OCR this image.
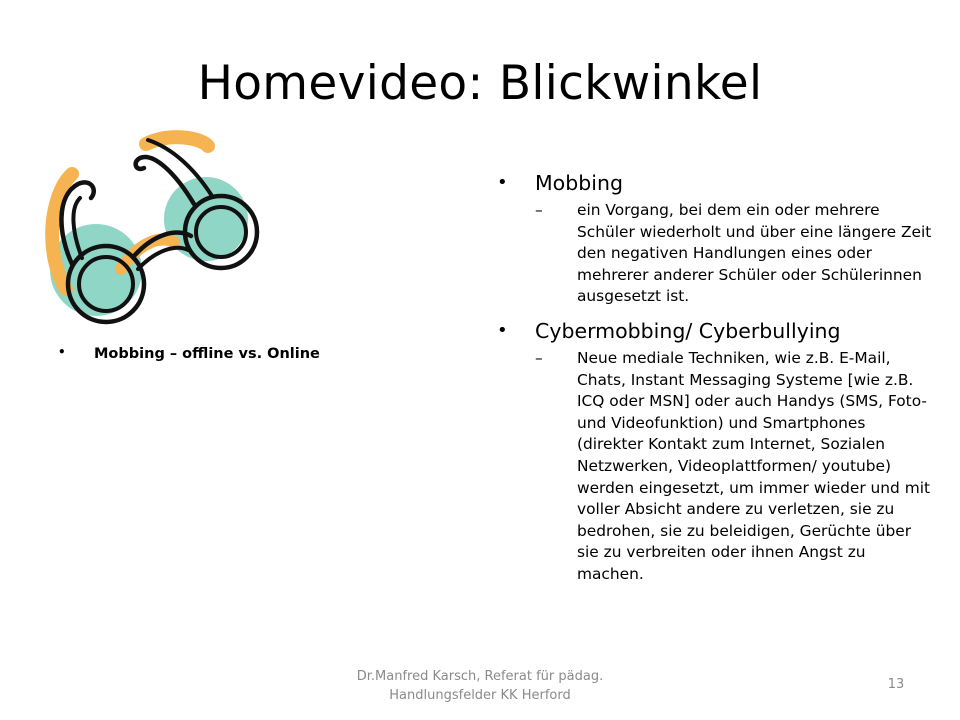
Homevideo: Blickwinkel
• Mobbing – offline vs. Online
• Mobbing
– ein Vorgang, bei dem ein oder mehrere Schüler wiederholt und über eine längere Zeit den negativen Handlungen eines oder mehrerer anderer Schüler oder Schülerinnen ausgesetzt ist.
• Cybermobbing/ Cyberbullying
– Neue mediale Techniken, wie z.B. E-Mail, Chats, Instant Messaging Systeme [wie z.B. ICQ oder MSN] oder auch Handys (SMS, Foto- und Videofunktion) und Smartphones (direkter Kontakt zum Internet, Sozialen Netzwerken, Videoplattformen/ youtube) werden eingesetzt, um immer wieder und mit voller Absicht andere zu verletzen, sie zu bedrohen, sie zu beleidigen, Gerüchte über sie zu verbreiten oder ihnen Angst zu machen.
Dr.Manfred Karsch, Referat für pädag.
Handlungsfelder KK Herford
13
